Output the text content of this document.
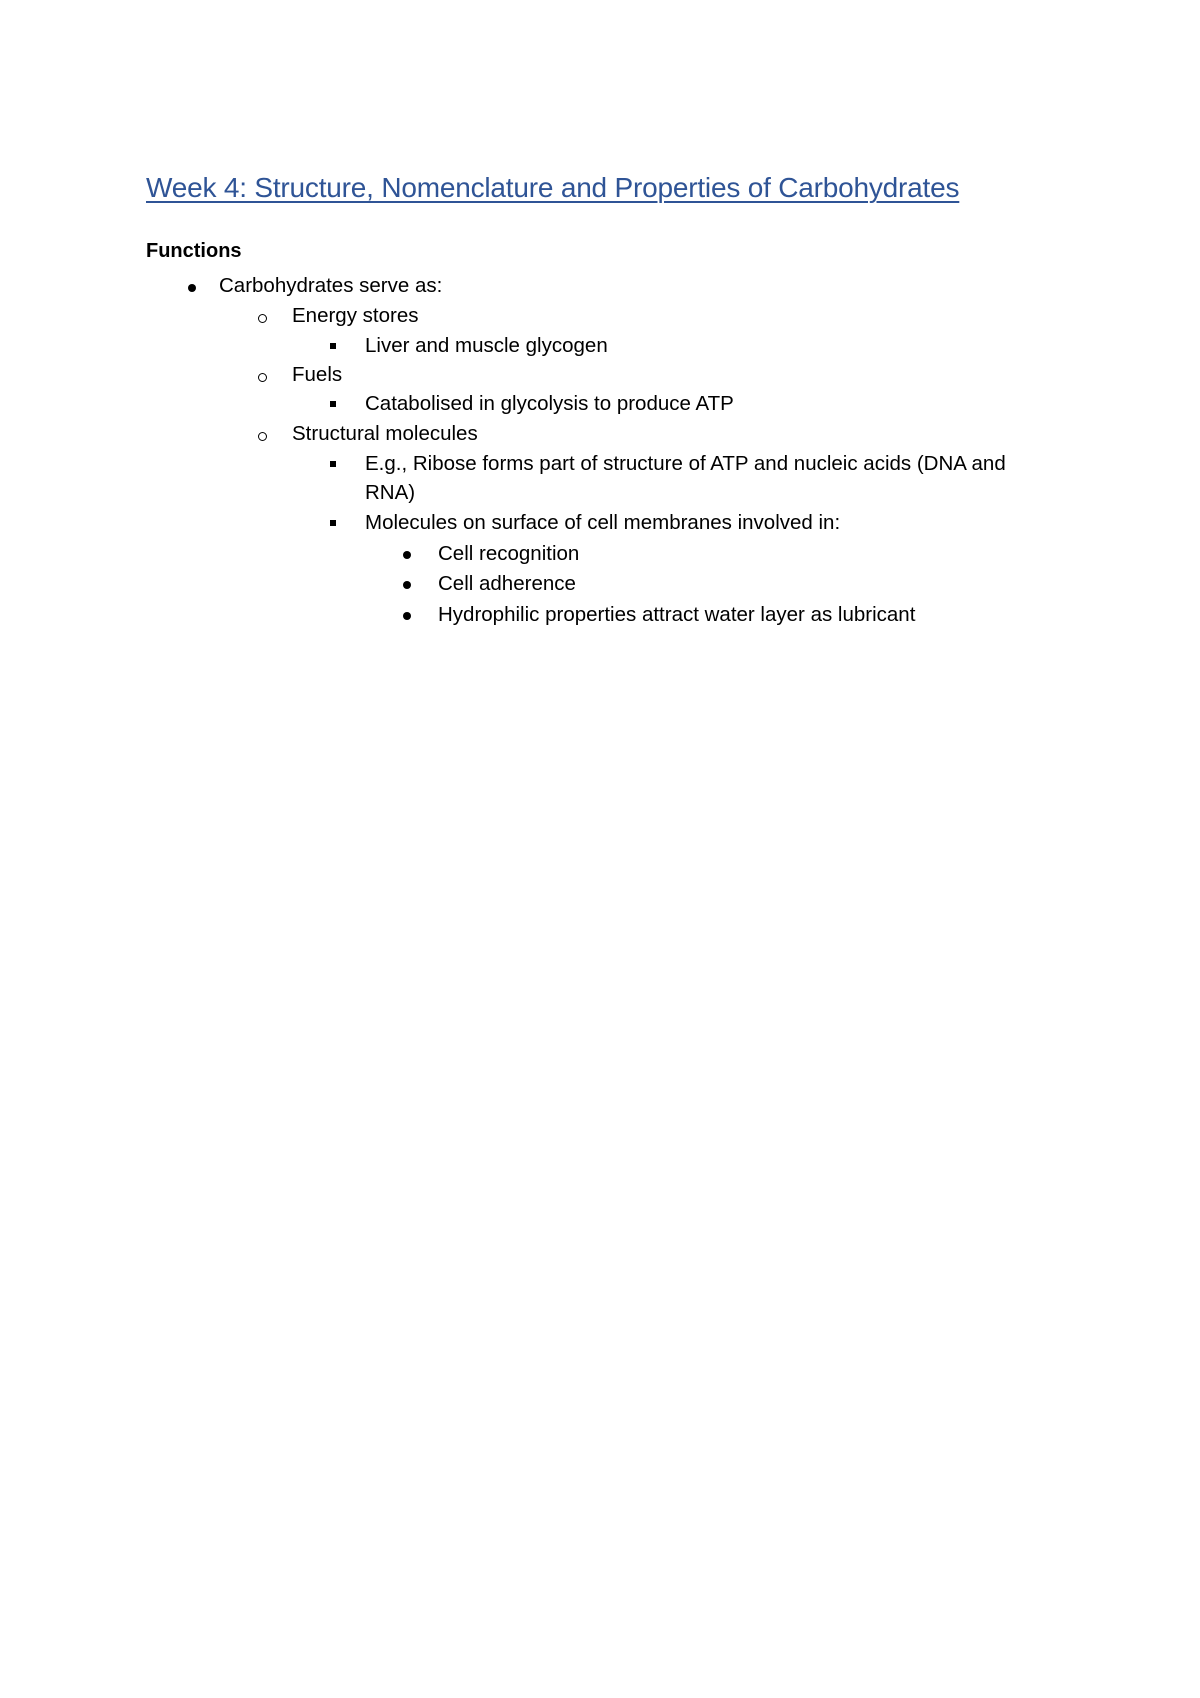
Week 4: Structure, Nomenclature and Properties of Carbohydrates
Functions
Carbohydrates serve as:
Energy stores
Liver and muscle glycogen
Fuels
Catabolised in glycolysis to produce ATP
Structural molecules
E.g., Ribose forms part of structure of ATP and nucleic acids (DNA and
RNA)
Molecules on surface of cell membranes involved in:
Cell recognition
Cell adherence
Hydrophilic properties attract water layer as lubricant
